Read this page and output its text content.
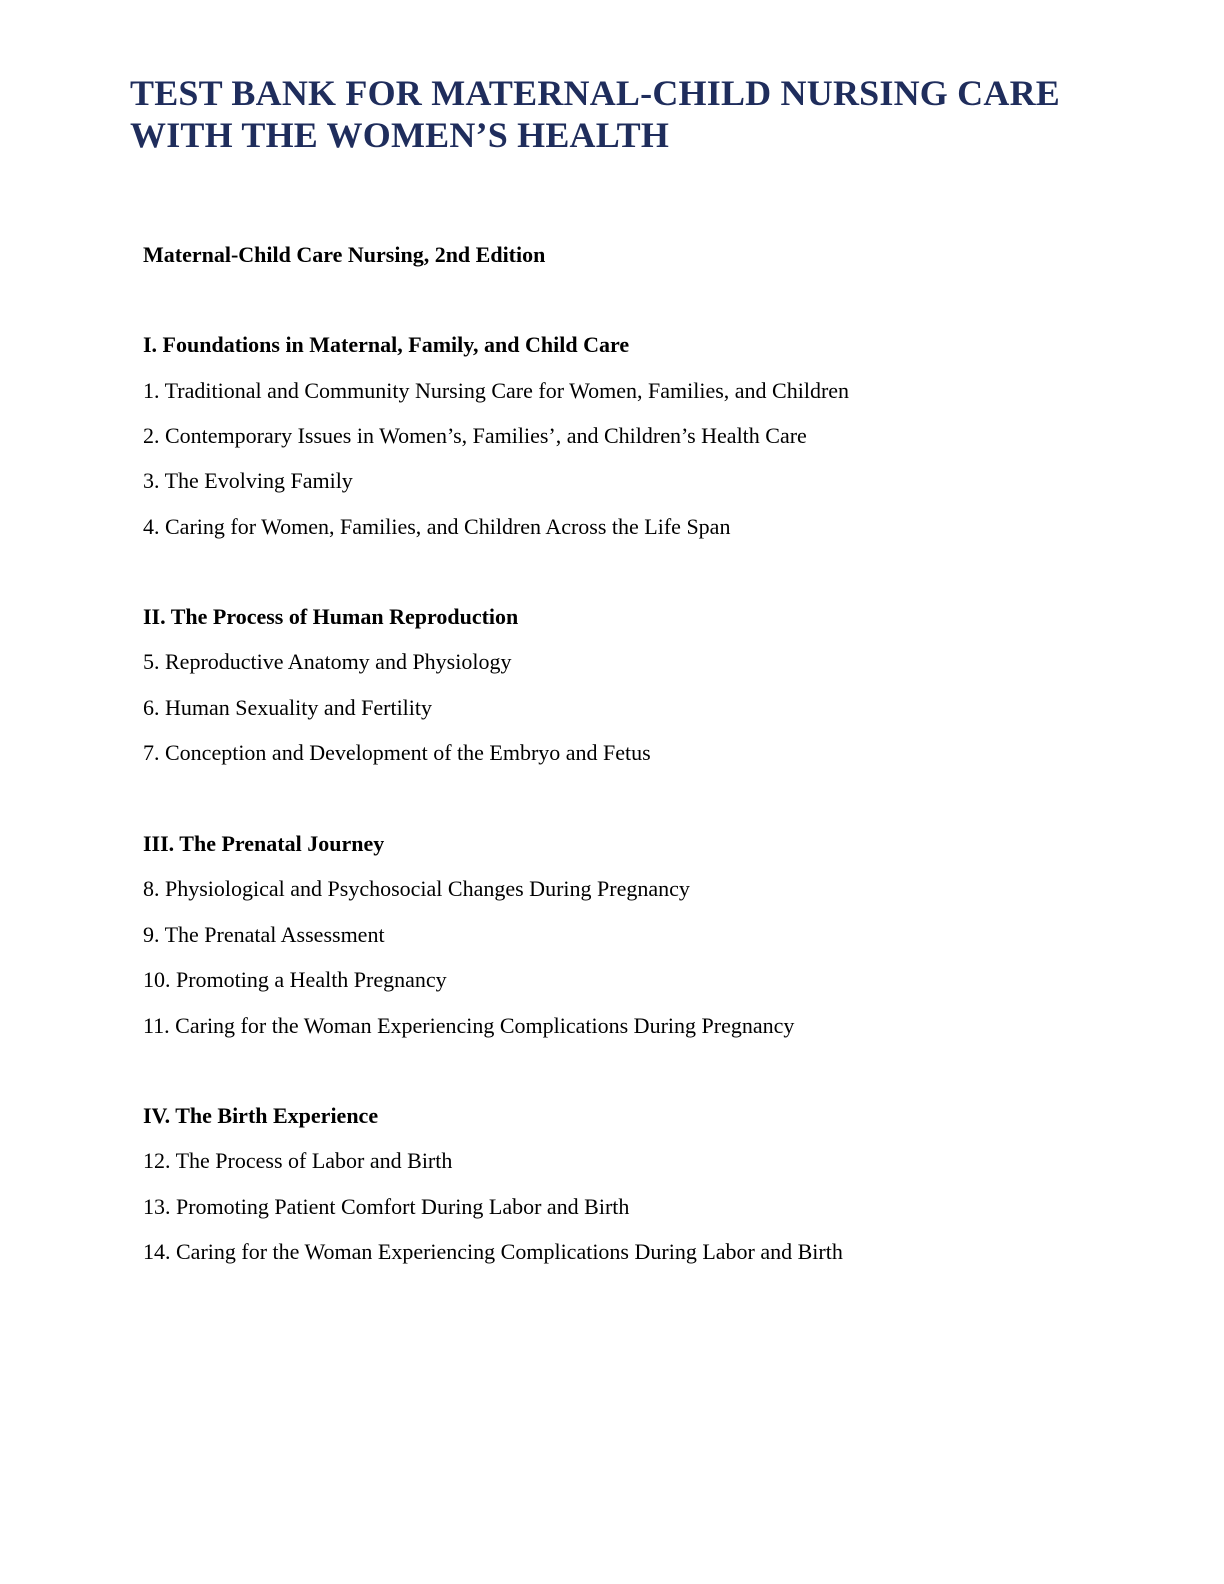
TEST BANK FOR MATERNAL-CHILD NURSING CARE
WITH THE WOMEN’S HEALTH

Maternal-Child Care Nursing, 2nd Edition

I. Foundations in Maternal, Family, and Child Care

1. Traditional and Community Nursing Care for Women, Families, and Children

2. Contemporary Issues in Women’s, Families’, and Children’s Health Care

3. The Evolving Family

4. Caring for Women, Families, and Children Across the Life Span

II. The Process of Human Reproduction

5. Reproductive Anatomy and Physiology

6. Human Sexuality and Fertility

7. Conception and Development of the Embryo and Fetus

III. The Prenatal Journey

8. Physiological and Psychosocial Changes During Pregnancy

9. The Prenatal Assessment

10. Promoting a Health Pregnancy

11. Caring for the Woman Experiencing Complications During Pregnancy

IV. The Birth Experience

12. The Process of Labor and Birth

13. Promoting Patient Comfort During Labor and Birth

14. Caring for the Woman Experiencing Complications During Labor and Birth
